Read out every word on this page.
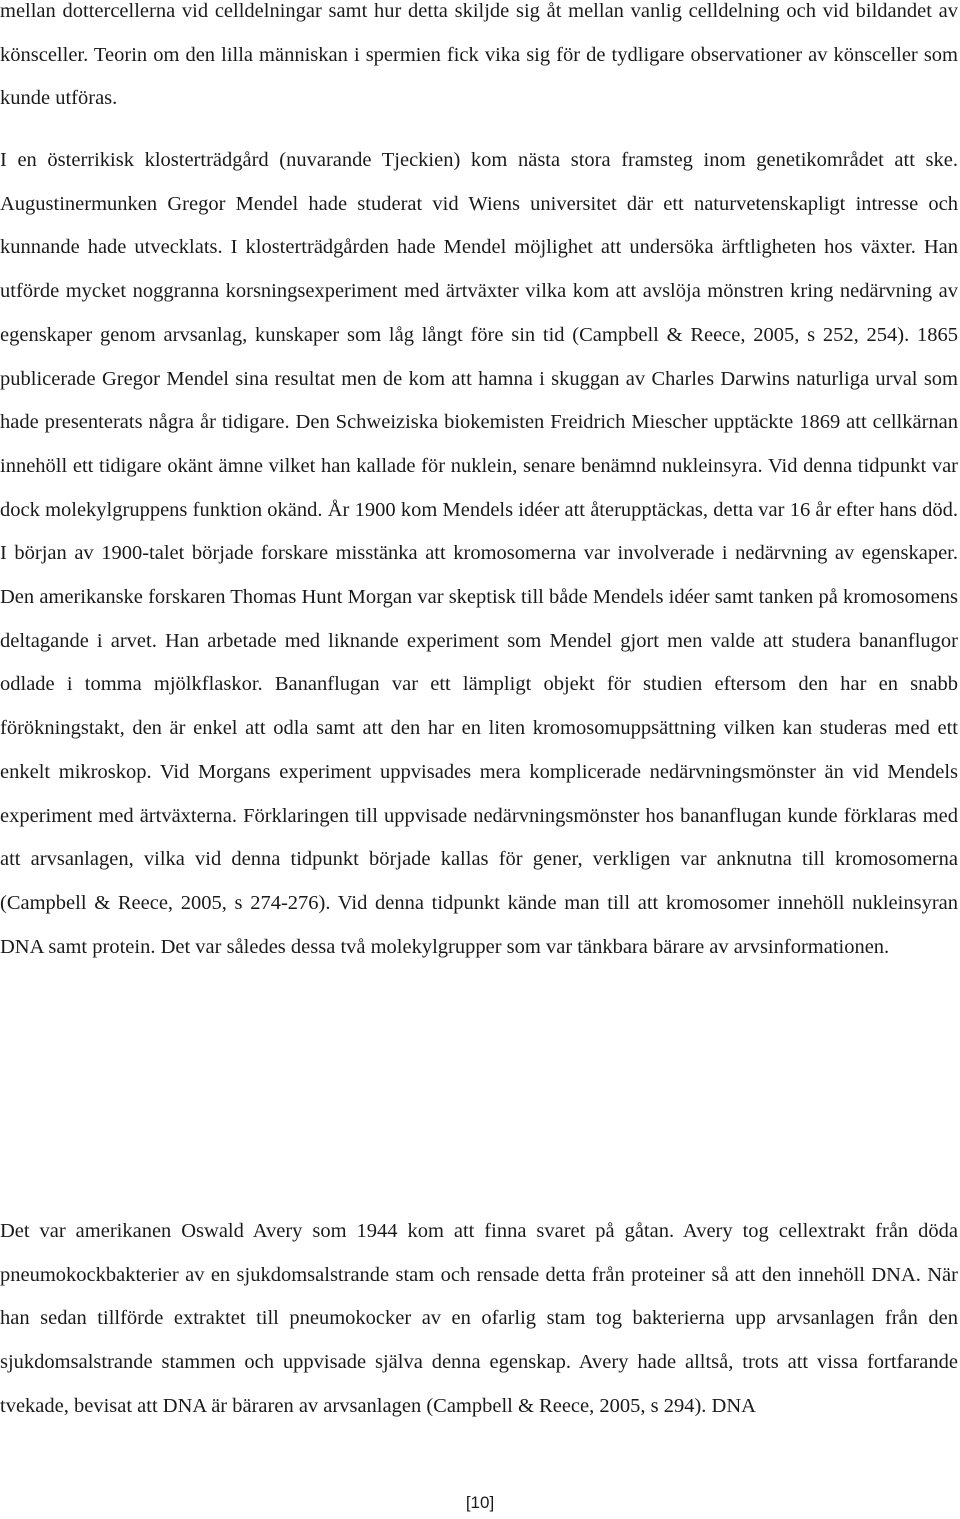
mellan dottercellerna vid celldelningar samt hur detta skiljde sig åt mellan vanlig celldelning och vid bildandet av könsceller. Teorin om den lilla människan i spermien fick vika sig för de tydligare observationer av könsceller som kunde utföras.

I en österrikisk klosterträdgård (nuvarande Tjeckien) kom nästa stora framsteg inom genetikområdet att ske. Augustinermunken Gregor Mendel hade studerat vid Wiens universitet där ett naturvetenskapligt intresse och kunnande hade utvecklats. I klosterträdgården hade Mendel möjlighet att undersöka ärftligheten hos växter. Han utförde mycket noggranna korsningsexperiment med ärtväxter vilka kom att avslöja mönstren kring nedärvning av egenskaper genom arvsanlag, kunskaper som låg långt före sin tid (Campbell & Reece, 2005, s 252, 254). 1865 publicerade Gregor Mendel sina resultat men de kom att hamna i skuggan av Charles Darwins naturliga urval som hade presenterats några år tidigare. Den Schweiziska biokemisten Freidrich Miescher upptäckte 1869 att cellkärnan innehöll ett tidigare okänt ämne vilket han kallade för nuklein, senare benämnd nukleinsyra. Vid denna tidpunkt var dock molekylgruppens funktion okänd. År 1900 kom Mendels idéer att återupptäckas, detta var 16 år efter hans död. I början av 1900-talet började forskare misstänka att kromosomerna var involverade i nedärvning av egenskaper. Den amerikanske forskaren Thomas Hunt Morgan var skeptisk till både Mendels idéer samt tanken på kromosomens deltagande i arvet. Han arbetade med liknande experiment som Mendel gjort men valde att studera bananflugor odlade i tomma mjölkflaskor. Bananflugan var ett lämpligt objekt för studien eftersom den har en snabb förökningstakt, den är enkel att odla samt att den har en liten kromosomuppsättning vilken kan studeras med ett enkelt mikroskop. Vid Morgans experiment uppvisades mera komplicerade nedärvningsmönster än vid Mendels experiment med ärtväxterna. Förklaringen till uppvisade nedärvningsmönster hos bananflugan kunde förklaras med att arvsanlagen, vilka vid denna tidpunkt började kallas för gener, verkligen var anknutna till kromosomerna (Campbell & Reece, 2005, s 274-276). Vid denna tidpunkt kände man till att kromosomer innehöll nukleinsyran DNA samt protein. Det var således dessa två molekylgrupper som var tänkbara bärare av arvsinformationen.

Det var amerikanen Oswald Avery som 1944 kom att finna svaret på gåtan. Avery tog cellextrakt från döda pneumokockbakterier av en sjukdomsalstrande stam och rensade detta från proteiner så att den innehöll DNA. När han sedan tillförde extraktet till pneumokocker av en ofarlig stam tog bakterierna upp arvsanlagen från den sjukdomsalstrande stammen och uppvisade själva denna egenskap. Avery hade alltså, trots att vissa fortfarande tvekade, bevisat att DNA är bäraren av arvsanlagen (Campbell & Reece, 2005, s 294). DNA

[10]
